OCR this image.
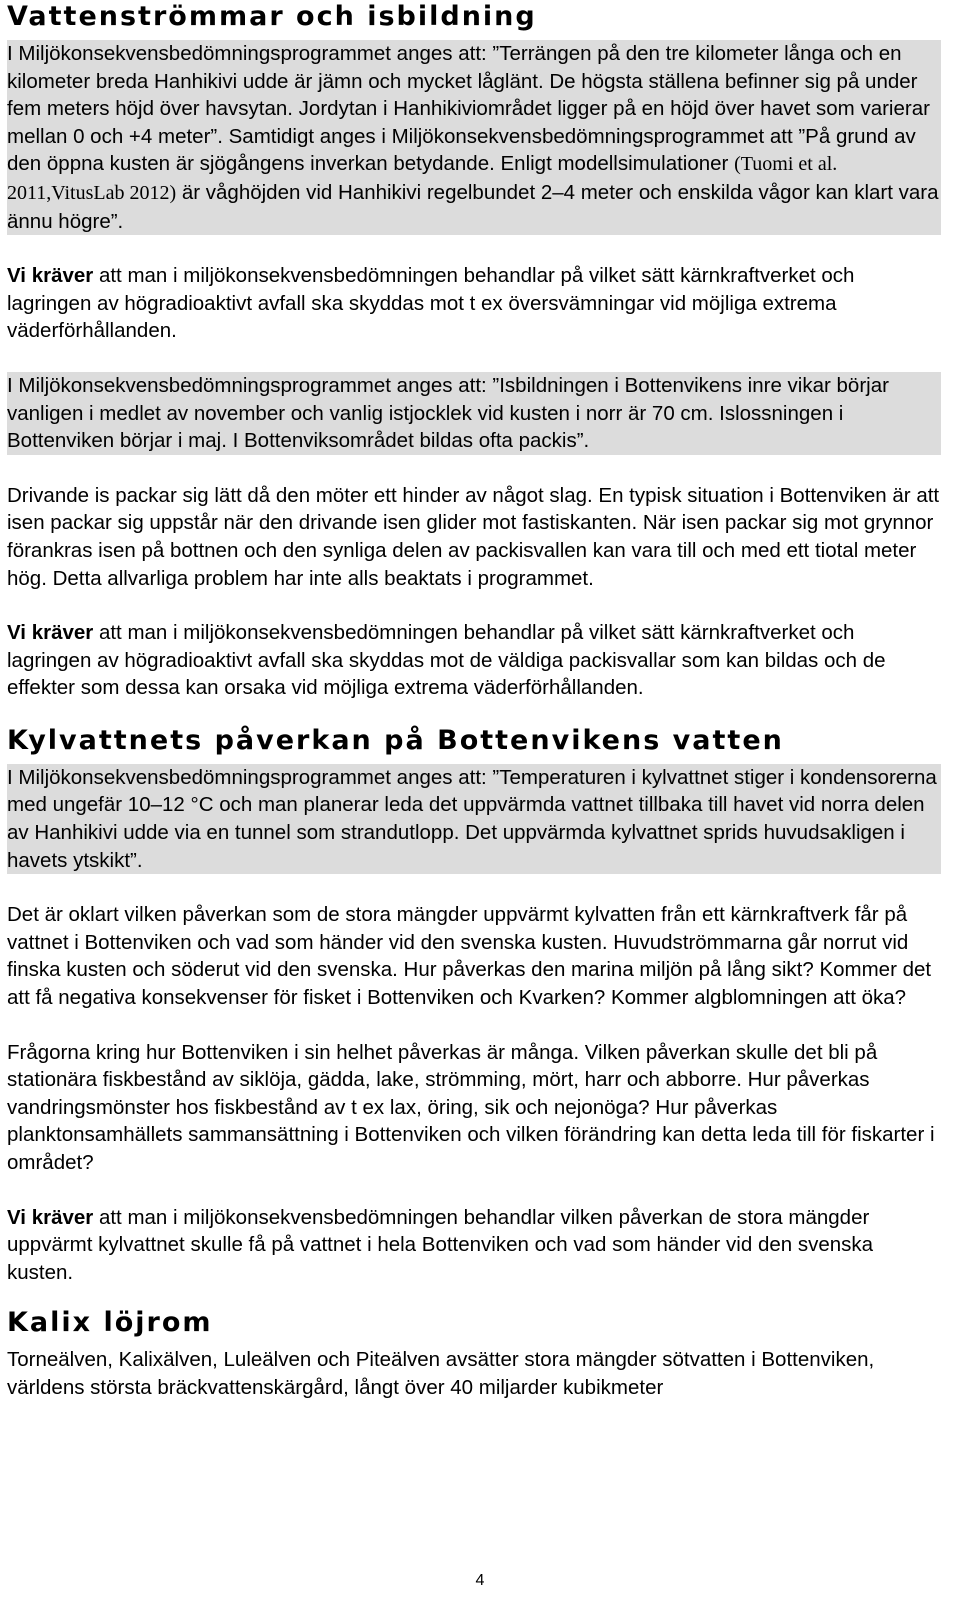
Vattenströmmar och isbildning

I Miljökonsekvensbedömningsprogrammet anges att: ”Terrängen på den tre kilometer långa och en kilometer breda Hanhikivi udde är jämn och mycket låglänt. De högsta ställena befinner sig på under fem meters höjd över havsytan. Jordytan i Hanhikiviområdet ligger på en höjd över havet som varierar mellan 0 och +4 meter”. Samtidigt anges i Miljökonsekvensbedömningsprogrammet att ”På grund av den öppna kusten är sjögångens inverkan betydande. Enligt modellsimulationer (Tuomi et al. 2011,VitusLab 2012) är våghöjden vid Hanhikivi regelbundet 2–4 meter och enskilda vågor kan klart vara ännu högre”.

Vi kräver att man i miljökonsekvensbedömningen behandlar på vilket sätt kärnkraftverket och lagringen av högradioaktivt avfall ska skyddas mot t ex översvämningar vid möjliga extrema väderförhållanden.

I Miljökonsekvensbedömningsprogrammet anges att: ”Isbildningen i Bottenvikens inre vikar börjar vanligen i medlet av november och vanlig istjocklek vid kusten i norr är 70 cm. Islossningen i Bottenviken börjar i maj. I Bottenviksområdet bildas ofta packis”.

Drivande is packar sig lätt då den möter ett hinder av något slag. En typisk situation i Bottenviken är att isen packar sig uppstår när den drivande isen glider mot fastiskanten. När isen packar sig mot grynnor förankras isen på bottnen och den synliga delen av packisvallen kan vara till och med ett tiotal meter hög. Detta allvarliga problem har inte alls beaktats i programmet.

Vi kräver att man i miljökonsekvensbedömningen behandlar på vilket sätt kärnkraftverket och lagringen av högradioaktivt avfall ska skyddas mot de väldiga packisvallar som kan bildas och de effekter som dessa kan orsaka vid möjliga extrema väderförhållanden.

Kylvattnets påverkan på Bottenvikens vatten

I Miljökonsekvensbedömningsprogrammet anges att: ”Temperaturen i kylvattnet stiger i kondensorerna med ungefär 10–12 °C och man planerar leda det uppvärmda vattnet tillbaka till havet vid norra delen av Hanhikivi udde via en tunnel som strandutlopp. Det uppvärmda kylvattnet sprids huvudsakligen i havets ytskikt”.

Det är oklart vilken påverkan som de stora mängder uppvärmt kylvatten från ett kärnkraftverk får på vattnet i Bottenviken och vad som händer vid den svenska kusten. Huvudströmmarna går norrut vid finska kusten och söderut vid den svenska. Hur påverkas den marina miljön på lång sikt? Kommer det att få negativa konsekvenser för fisket i Bottenviken och Kvarken? Kommer algblomningen att öka?

Frågorna kring hur Bottenviken i sin helhet påverkas är många. Vilken påverkan skulle det bli på stationära fiskbestånd av siklöja, gädda, lake, strömming, mört, harr och abborre. Hur påverkas vandringsmönster hos fiskbestånd av t ex lax, öring, sik och nejonöga? Hur påverkas planktonsamhällets sammansättning i Bottenviken och vilken förändring kan detta leda till för fiskarter i området?

Vi kräver att man i miljökonsekvensbedömningen behandlar vilken påverkan de stora mängder uppvärmt kylvattnet skulle få på vattnet i hela Bottenviken och vad som händer vid den svenska kusten.

Kalix löjrom

Torneälven, Kalixälven, Luleälven och Piteälven avsätter stora mängder sötvatten i Bottenviken, världens största bräckvattenskärgård, långt över 40 miljarder kubikmeter

4
